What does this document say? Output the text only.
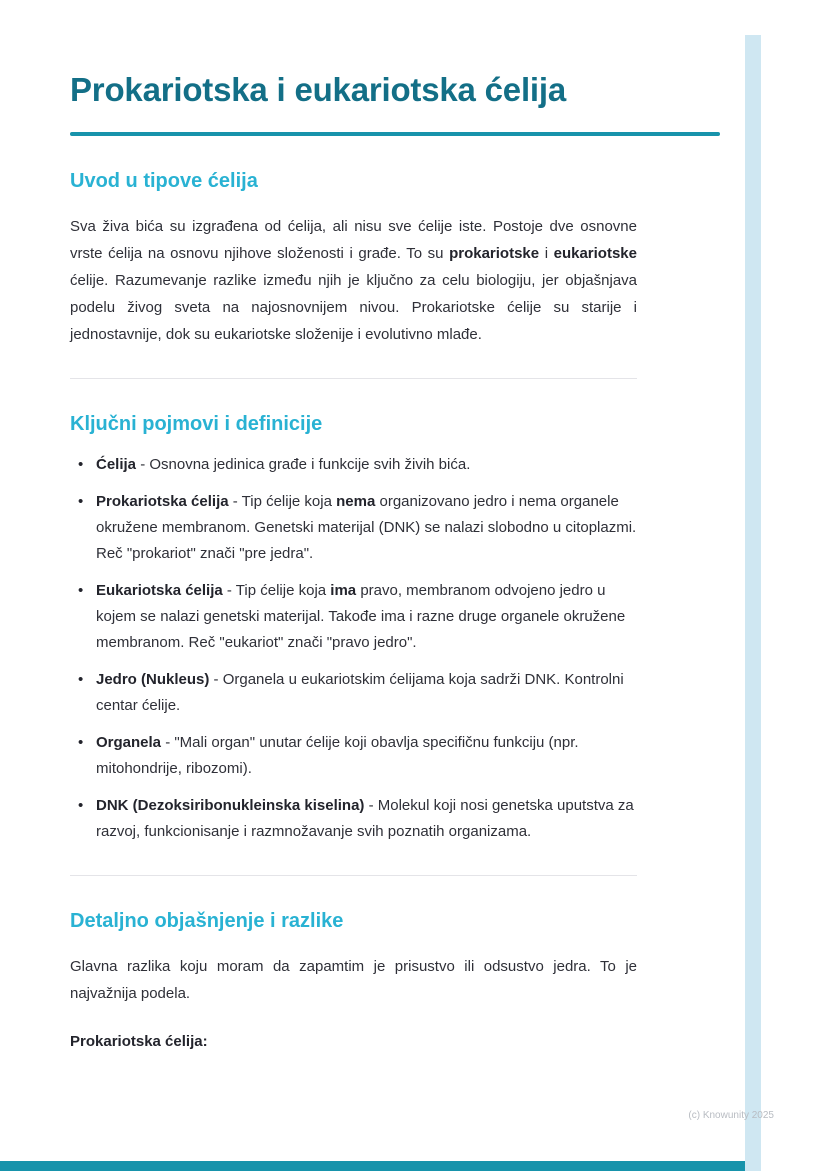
Prokariotska i eukariotska ćelija
Uvod u tipove ćelija

Sva živa bića su izgrađena od ćelija, ali nisu sve ćelije iste. Postoje dve osnovne vrste ćelija na osnovu njihove složenosti i građe. To su prokariotske i eukariotske ćelije. Razumevanje razlike između njih je ključno za celu biologiju, jer objašnjava podelu živog sveta na najosnovnijem nivou. Prokariotske ćelije su starije i jednostavnije, dok su eukariotske složenije i evolutivno mlađe.

Ključni pojmovi i definicije
• Ćelija - Osnovna jedinica građe i funkcije svih živih bića.
• Prokariotska ćelija - Tip ćelije koja nema organizovano jedro i nema organele okružene membranom. Genetski materijal (DNK) se nalazi slobodno u citoplazmi. Reč "prokariot" znači "pre jedra".
• Eukariotska ćelija - Tip ćelije koja ima pravo, membranom odvojeno jedro u kojem se nalazi genetski materijal. Takođe ima i razne druge organele okružene membranom. Reč "eukariot" znači "pravo jedro".
• Jedro (Nukleus) - Organela u eukariotskim ćelijama koja sadrži DNK. Kontrolni centar ćelije.
• Organela - "Mali organ" unutar ćelije koji obavlja specifičnu funkciju (npr. mitohondrije, ribozomi).
• DNK (Dezoksiribonukleinska kiselina) - Molekul koji nosi genetska uputstva za razvoj, funkcionisanje i razmnožavanje svih poznatih organizama.
Detaljno objašnjenje i razlike

Glavna razlika koju moram da zapamtim je prisustvo ili odsustvo jedra. To je najvažnija podela.

Prokariotska ćelija:
(c) Knowunity 2025
